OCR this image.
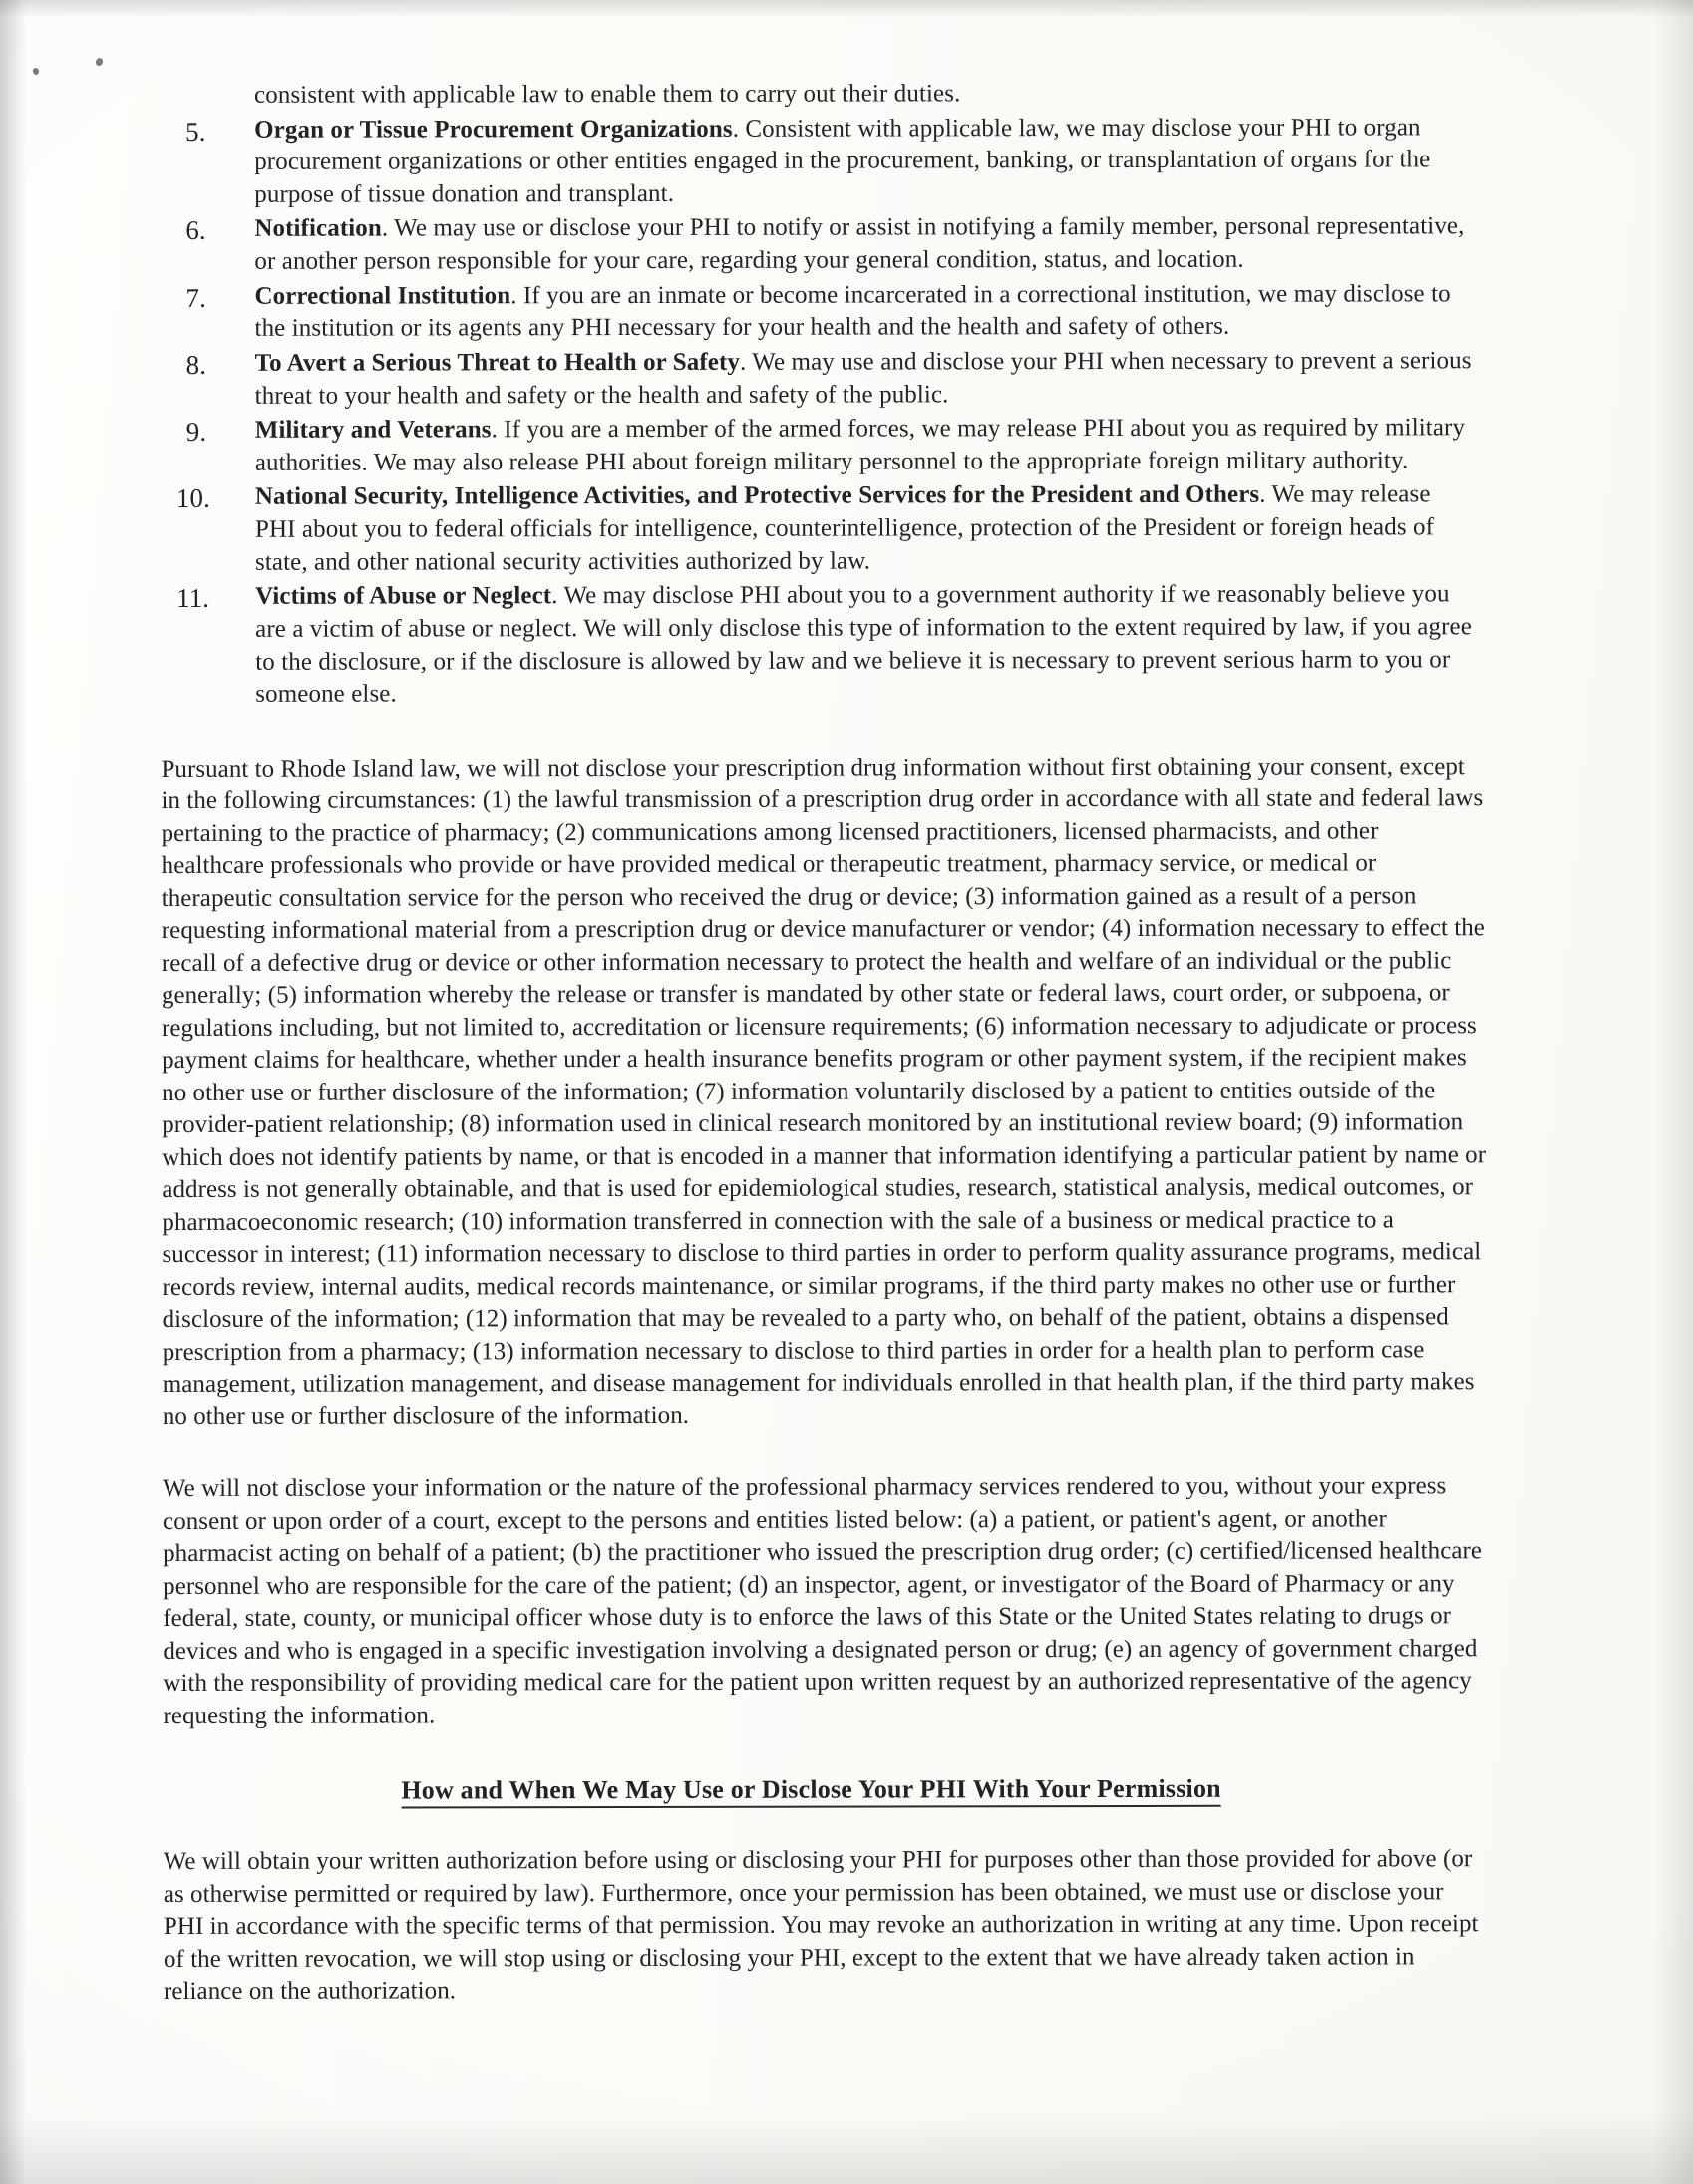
consistent with applicable law to enable them to carry out their duties.

5.	Organ or Tissue Procurement Organizations. Consistent with applicable law, we may disclose your PHI to organ procurement organizations or other entities engaged in the procurement, banking, or transplantation of organs for the purpose of tissue donation and transplant.
6.	Notification. We may use or disclose your PHI to notify or assist in notifying a family member, personal representative, or another person responsible for your care, regarding your general condition, status, and location.
7.	Correctional Institution. If you are an inmate or become incarcerated in a correctional institution, we may disclose to the institution or its agents any PHI necessary for your health and the health and safety of others.
8.	To Avert a Serious Threat to Health or Safety. We may use and disclose your PHI when necessary to prevent a serious threat to your health and safety or the health and safety of the public.
9.	Military and Veterans. If you are a member of the armed forces, we may release PHI about you as required by military authorities. We may also release PHI about foreign military personnel to the appropriate foreign military authority.
10.	National Security, Intelligence Activities, and Protective Services for the President and Others. We may release PHI about you to federal officials for intelligence, counterintelligence, protection of the President or foreign heads of state, and other national security activities authorized by law.
11.	Victims of Abuse or Neglect. We may disclose PHI about you to a government authority if we reasonably believe you are a victim of abuse or neglect. We will only disclose this type of information to the extent required by law, if you agree to the disclosure, or if the disclosure is allowed by law and we believe it is necessary to prevent serious harm to you or someone else.

Pursuant to Rhode Island law, we will not disclose your prescription drug information without first obtaining your consent, except in the following circumstances: (1) the lawful transmission of a prescription drug order in accordance with all state and federal laws pertaining to the practice of pharmacy; (2) communications among licensed practitioners, licensed pharmacists, and other healthcare professionals who provide or have provided medical or therapeutic treatment, pharmacy service, or medical or therapeutic consultation service for the person who received the drug or device; (3) information gained as a result of a person requesting informational material from a prescription drug or device manufacturer or vendor; (4) information necessary to effect the recall of a defective drug or device or other information necessary to protect the health and welfare of an individual or the public generally; (5) information whereby the release or transfer is mandated by other state or federal laws, court order, or subpoena, or regulations including, but not limited to, accreditation or licensure requirements; (6) information necessary to adjudicate or process payment claims for healthcare, whether under a health insurance benefits program or other payment system, if the recipient makes no other use or further disclosure of the information; (7) information voluntarily disclosed by a patient to entities outside of the provider-patient relationship; (8) information used in clinical research monitored by an institutional review board; (9) information which does not identify patients by name, or that is encoded in a manner that information identifying a particular patient by name or address is not generally obtainable, and that is used for epidemiological studies, research, statistical analysis, medical outcomes, or pharmacoeconomic research; (10) information transferred in connection with the sale of a business or medical practice to a successor in interest; (11) information necessary to disclose to third parties in order to perform quality assurance programs, medical records review, internal audits, medical records maintenance, or similar programs, if the third party makes no other use or further disclosure of the information; (12) information that may be revealed to a party who, on behalf of the patient, obtains a dispensed prescription from a pharmacy; (13) information necessary to disclose to third parties in order for a health plan to perform case management, utilization management, and disease management for individuals enrolled in that health plan, if the third party makes no other use or further disclosure of the information.

We will not disclose your information or the nature of the professional pharmacy services rendered to you, without your express consent or upon order of a court, except to the persons and entities listed below: (a) a patient, or patient's agent, or another pharmacist acting on behalf of a patient; (b) the practitioner who issued the prescription drug order; (c) certified/licensed healthcare personnel who are responsible for the care of the patient; (d) an inspector, agent, or investigator of the Board of Pharmacy or any federal, state, county, or municipal officer whose duty is to enforce the laws of this State or the United States relating to drugs or devices and who is engaged in a specific investigation involving a designated person or drug; (e) an agency of government charged with the responsibility of providing medical care for the patient upon written request by an authorized representative of the agency requesting the information.

How and When We May Use or Disclose Your PHI With Your Permission

We will obtain your written authorization before using or disclosing your PHI for purposes other than those provided for above (or as otherwise permitted or required by law). Furthermore, once your permission has been obtained, we must use or disclose your PHI in accordance with the specific terms of that permission. You may revoke an authorization in writing at any time. Upon receipt of the written revocation, we will stop using or disclosing your PHI, except to the extent that we have already taken action in reliance on the authorization.
